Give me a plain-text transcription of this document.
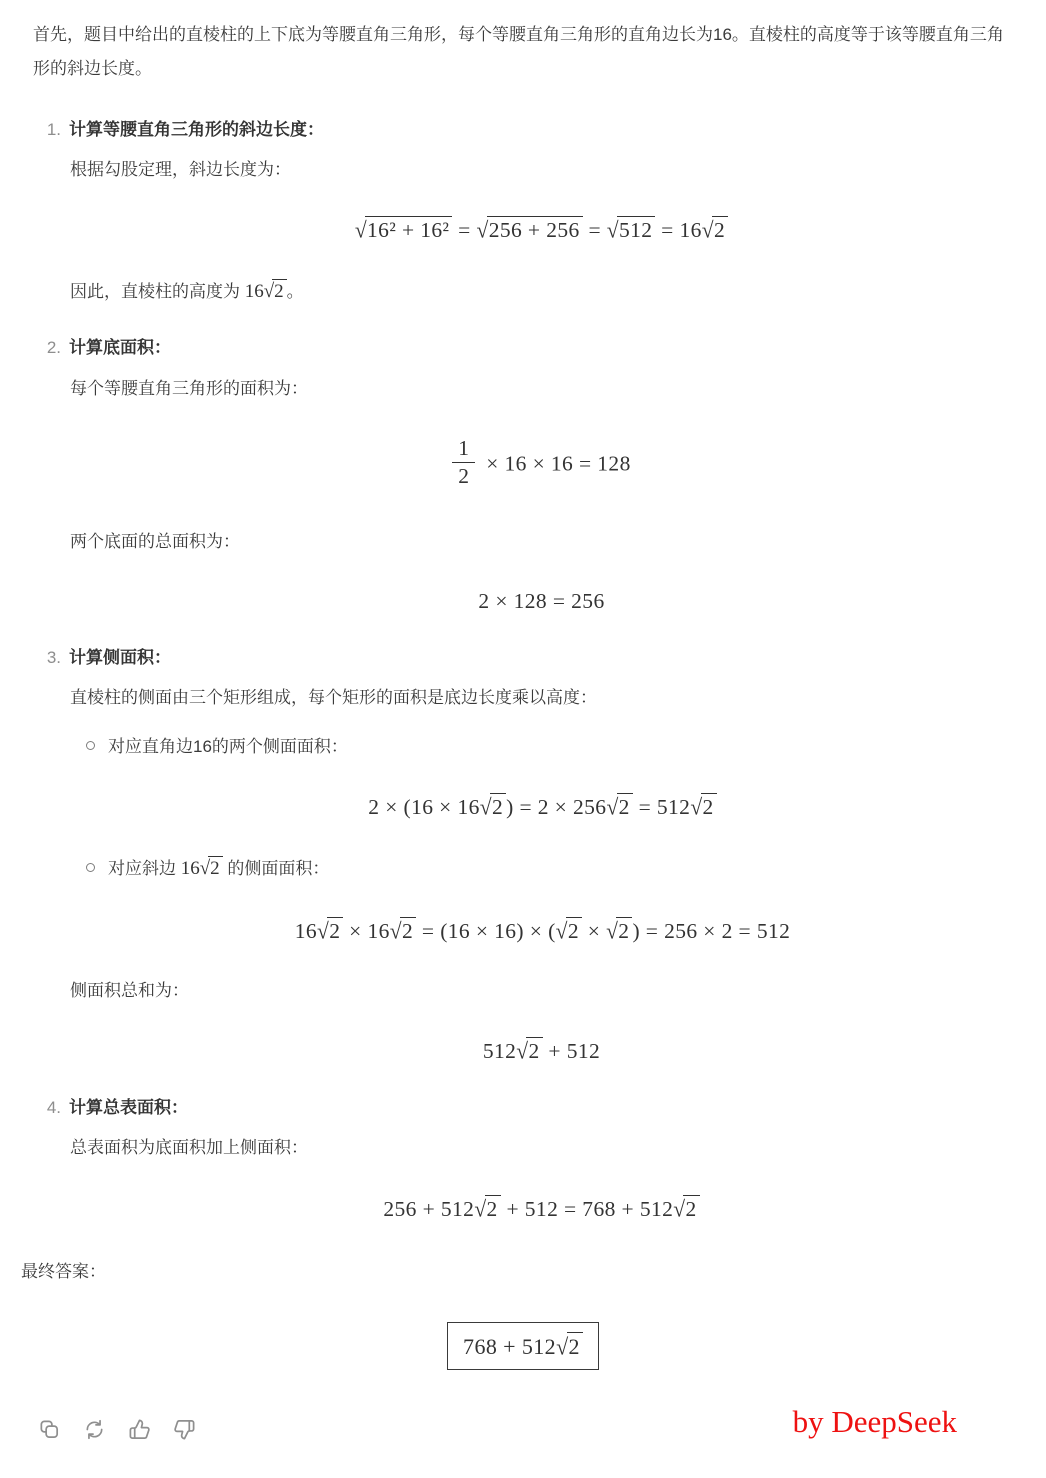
首先，题目中给出的直棱柱的上下底为等腰直角三角形，每个等腰直角三角形的直角边长为16。直棱柱的高度等于该等腰直角三角形的斜边长度。

1. 计算等腰直角三角形的斜边长度：

根据勾股定理，斜边长度为：

√16² + 16² = √256 + 256 = √512 = 16√2

因此，直棱柱的高度为 16√2 。

2. 计算底面积：

每个等腰直角三角形的面积为：

$\frac{1}{2} \times 16 \times 16 = 128$

两个底面的总面积为：

2 × 128 = 256
3. 计算侧面积：

直棱柱的侧面由三个矩形组成，每个矩形的面积是底边长度乘以高度：

对应直角边16的两个侧面面积：
2 × (16 × 16√2 ) = 2 × 256√2 = 512√2
对应斜边 16√2 的侧面面积：
16√2 × 16√2 = (16 × 16) × (√2 × √2 ) = 256 × 2 = 512

侧面积总和为：

512√2 + 512
4. 计算总表面积：

总表面积为底面积加上侧面积：

256 + 512√2 + 512 = 768 + 512√2

最终答案：

768 + 512√2
by DeepSeek
